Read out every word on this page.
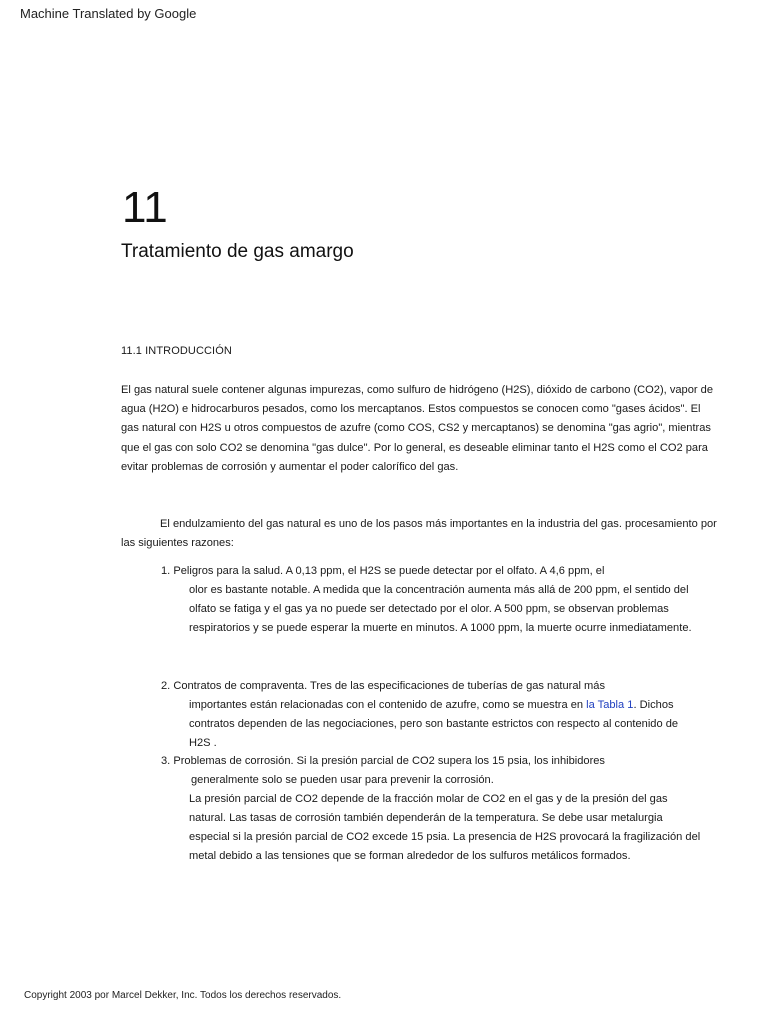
Machine Translated by Google
11
Tratamiento de gas amargo
11.1 INTRODUCCIÓN

El gas natural suele contener algunas impurezas, como sulfuro de hidrógeno (H2S), dióxido de carbono (CO2), vapor de agua (H2O) e hidrocarburos pesados, como los mercaptanos. Estos compuestos se conocen como "gases ácidos". El gas natural con H2S u otros compuestos de azufre (como COS, CS2 y mercaptanos) se denomina "gas agrio", mientras que el gas con solo CO2 se denomina "gas dulce". Por lo general, es deseable eliminar tanto el H2S como el CO2 para evitar problemas de corrosión y aumentar el poder calorífico del gas.

El endulzamiento del gas natural es uno de los pasos más importantes en la industria del gas. procesamiento por las siguientes razones:

1. Peligros para la salud. A 0,13 ppm, el H2S se puede detectar por el olfato. A 4,6 ppm, el
olor es bastante notable. A medida que la concentración aumenta más allá de 200 ppm, el sentido del olfato se fatiga y el gas ya no puede ser detectado por el olor. A 500 ppm, se observan problemas respiratorios y se puede esperar la muerte en minutos. A 1000 ppm, la muerte ocurre inmediatamente.
2. Contratos de compraventa. Tres de las especificaciones de tuberías de gas natural más
importantes están relacionadas con el contenido de azufre, como se muestra en la Tabla 1. Dichos contratos dependen de las negociaciones, pero son bastante estrictos con respecto al contenido de H2S .
3. Problemas de corrosión. Si la presión parcial de CO2 supera los 15 psia, los inhibidores
generalmente solo se pueden usar para prevenir la corrosión.
La presión parcial de CO2 depende de la fracción molar de CO2 en el gas y de la presión del gas natural. Las tasas de corrosión también dependerán de la temperatura. Se debe usar metalurgia especial si la presión parcial de CO2 excede 15 psia. La presencia de H2S provocará la fragilización del metal debido a las tensiones que se forman alrededor de los sulfuros metálicos formados.
Copyright 2003 por Marcel Dekker, Inc. Todos los derechos reservados.
